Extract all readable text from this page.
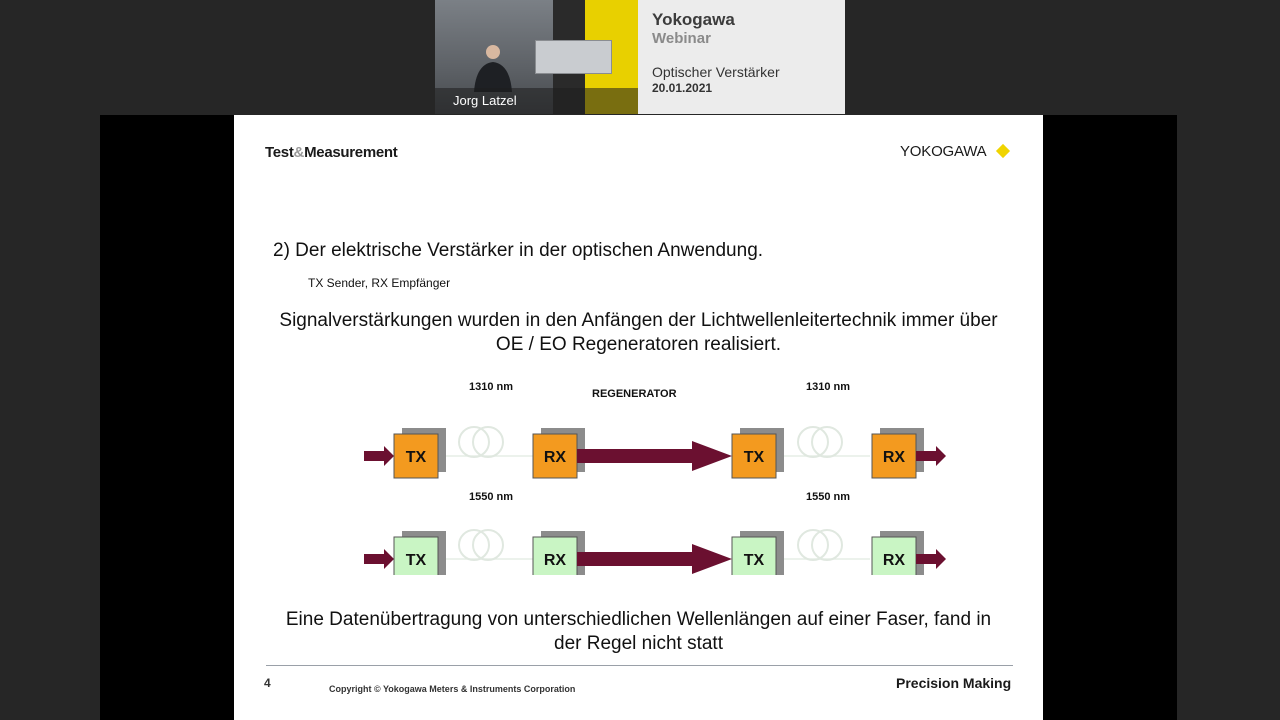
Jorg Latzel
Yokogawa
Webinar
Optischer Verstärker
20.01.2021
Test&Measurement	YOKOGAWA
2) Der elektrische Verstärker in der optischen Anwendung.
TX Sender, RX Empfänger
Signalverstärkungen wurden in den Anfängen der Lichtwellenleitertechnik immer über
OE / EO Regeneratoren realisiert.
1310 nm
REGENERATOR
1310 nm
1550 nm	1550 nm
TX	RX	TX	RX
TX	RX	TX	RX
Eine Datenübertragung von unterschiedlichen Wellenlängen auf einer Faser, fand in
der Regel nicht statt
4	Copyright © Yokogawa Meters & Instruments Corporation	Precision Making
